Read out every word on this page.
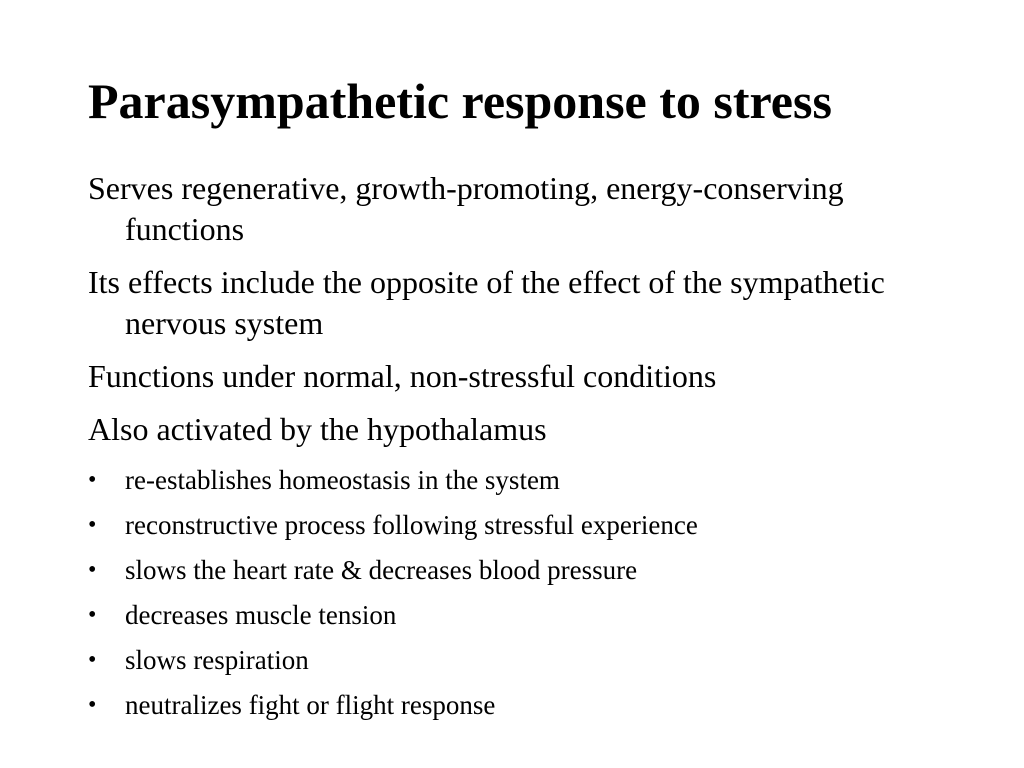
Parasympathetic response to stress
Serves regenerative, growth-promoting, energy-conserving functions
Its effects include the opposite of the effect of the sympathetic nervous system
Functions under normal, non-stressful conditions
Also activated by the hypothalamus
• re-establishes homeostasis in the system
• reconstructive process following stressful experience
• slows the heart rate & decreases blood pressure
• decreases muscle tension
• slows respiration
• neutralizes fight or flight response
